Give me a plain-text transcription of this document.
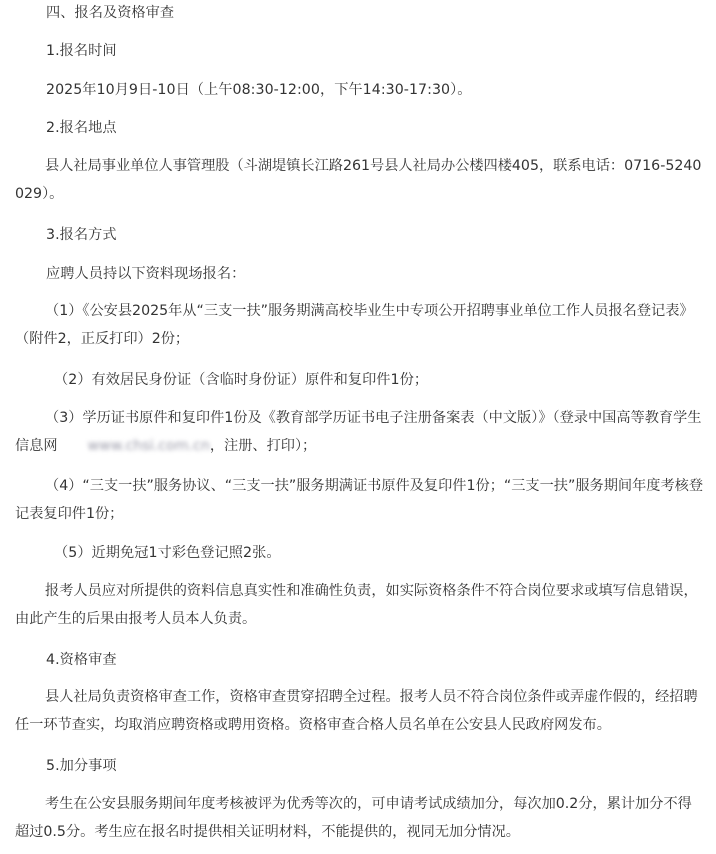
四、报名及资格审查
1.报名时间
2025年10月9日-10日（上午08:30-12:00，下午14:30-17:30）。
2.报名地点
县人社局事业单位人事管理股（斗湖堤镇长江路261号县人社局办公楼四楼405，联系电话：0716-5240029）。
3.报名方式
应聘人员持以下资料现场报名：
（1）《公安县2025年从“三支一扶”服务期满高校毕业生中专项公开招聘事业单位工作人员报名登记表》（附件2，正反打印）2份；
（2）有效居民身份证（含临时身份证）原件和复印件1份；
（3）学历证书原件和复印件1份及《教育部学历证书电子注册备案表（中文版）》（登录中国高等教育学生信息网 www.chsi.com.cn，注册、打印）；
（4）“三支一扶”服务协议、“三支一扶”服务期满证书原件及复印件1份；“三支一扶”服务期间年度考核登记表复印件1份；
（5）近期免冠1寸彩色登记照2张。
报考人员应对所提供的资料信息真实性和准确性负责，如实际资格条件不符合岗位要求或填写信息错误，由此产生的后果由报考人员本人负责。
4.资格审查
县人社局负责资格审查工作，资格审查贯穿招聘全过程。报考人员不符合岗位条件或弄虚作假的，经招聘任一环节查实，均取消应聘资格或聘用资格。资格审查合格人员名单在公安县人民政府网发布。
5.加分事项
考生在公安县服务期间年度考核被评为优秀等次的，可申请考试成绩加分，每次加0.2分，累计加分不得超过0.5分。考生应在报名时提供相关证明材料，不能提供的，视同无加分情况。
